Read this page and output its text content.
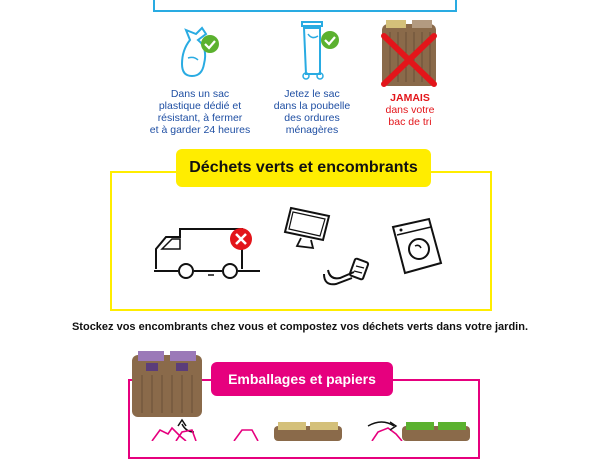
Dans un sac
plastique dédié et
résistant, à fermer
et à garder 24 heures
Jetez le sac
dans la poubelle
des ordures
ménagères
JAMAIS
dans votre
bac de tri
Déchets verts et encombrants
Stockez vos encombrants chez vous et compostez vos déchets verts dans votre jardin.
Emballages et papiers
